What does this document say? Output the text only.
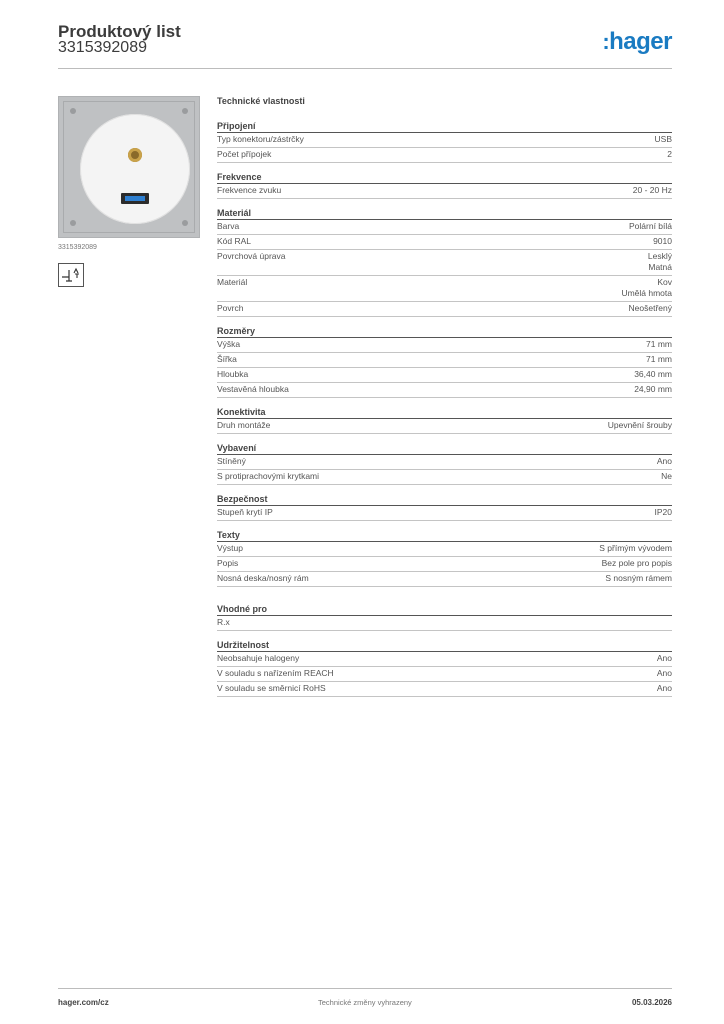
Produktový list
3315392089	:hager
3315392089
Technické vlastnosti
Připojení
Typ konektoru/zástrčky	USB
Počet přípojek	2
Frekvence
Frekvence zvuku	20 - 20 Hz
Materiál
Barva	Polární bílá
Kód RAL	9010
Povrchová úprava	Lesklý
Matná
Materiál	Kov
Umělá hmota
Povrch	Neošetřený
Rozměry
Výška	71 mm
Šířka	71 mm
Hloubka	36,40 mm
Vestavěná hloubka	24,90 mm
Konektivita
Druh montáže	Upevnění šrouby
Vybavení
Stíněný	Ano
S protiprachovými krytkami	Ne
Bezpečnost
Stupeň krytí IP	IP20
Texty
Výstup	S přímým vývodem
Popis	Bez pole pro popis
Nosná deska/nosný rám	S nosným rámem
Vhodné pro
R.x
Udržitelnost
Neobsahuje halogeny	Ano
V souladu s nařízením REACH	Ano
V souladu se směrnicí RoHS	Ano
hager.com/cz	Technické změny vyhrazeny	05.03.2026
